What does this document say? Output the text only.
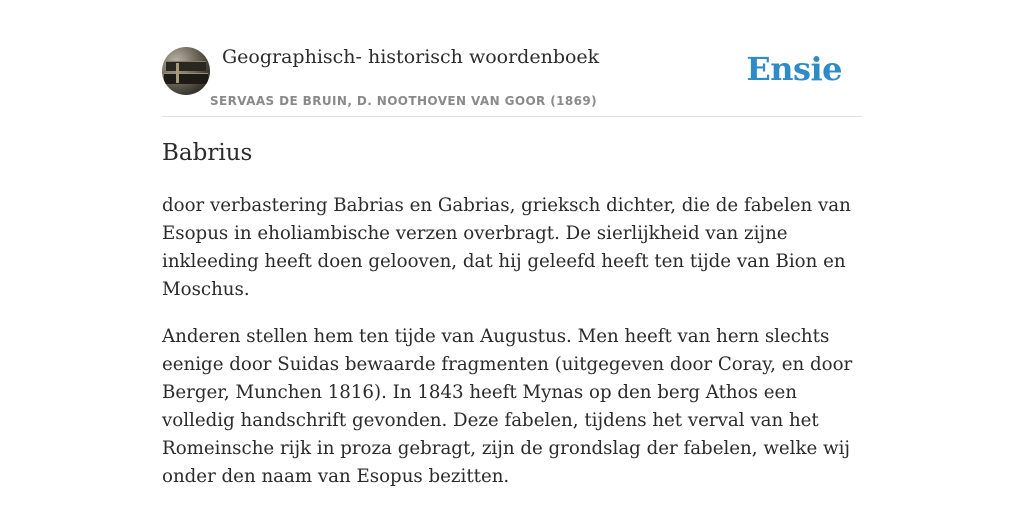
Geographisch- historisch woordenboek
SERVAAS DE BRUIN, D. NOOTHOVEN VAN GOOR (1869)
Ensie
Babrius

door verbastering Babrias en Gabrias, grieksch dichter, die de fabelen van Esopus in eholiambische verzen overbragt. De sierlijkheid van zijne inkleeding heeft doen gelooven, dat hij geleefd heeft ten tijde van Bion en Moschus.

Anderen stellen hem ten tijde van Augustus. Men heeft van hern slechts eenige door Suidas bewaarde fragmenten (uitgegeven door Coray, en door Berger, Munchen 1816). In 1843 heeft Mynas op den berg Athos een volledig handschrift gevonden. Deze fabelen, tijdens het verval van het Romeinsche rijk in proza gebragt, zijn de grondslag der fabelen, welke wij onder den naam van Esopus bezitten.
